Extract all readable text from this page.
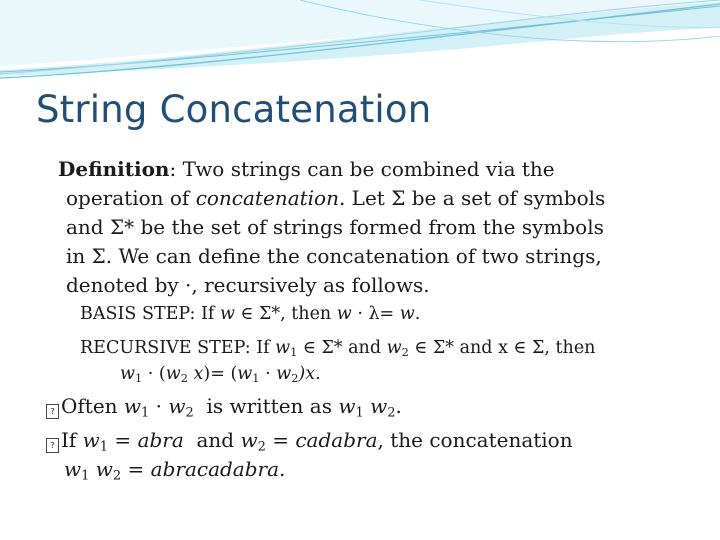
String Concatenation
Definition: Two strings can be combined via the
operation of concatenation. Let Σ be a set of symbols
and Σ* be the set of strings formed from the symbols
in Σ. We can define the concatenation of two strings,
denoted by ·, recursively as follows.
BASIS STEP: If w ∈ Σ*, then w · λ= w.
RECURSIVE STEP: If $w_1$ ∈ Σ* and $w_2$ ∈ Σ* and x ∈ Σ, then
$w_1 \cdot (w_2$ $x)= (w_1 \cdot w_2)x$.
? Often $w_1 \cdot w_2$  is written as $w_1$ $w_2$.
? If $w_1$ = abra  and $w_2$ = cadabra, the concatenation
$w_1$ $w_2$ = abracadabra.
